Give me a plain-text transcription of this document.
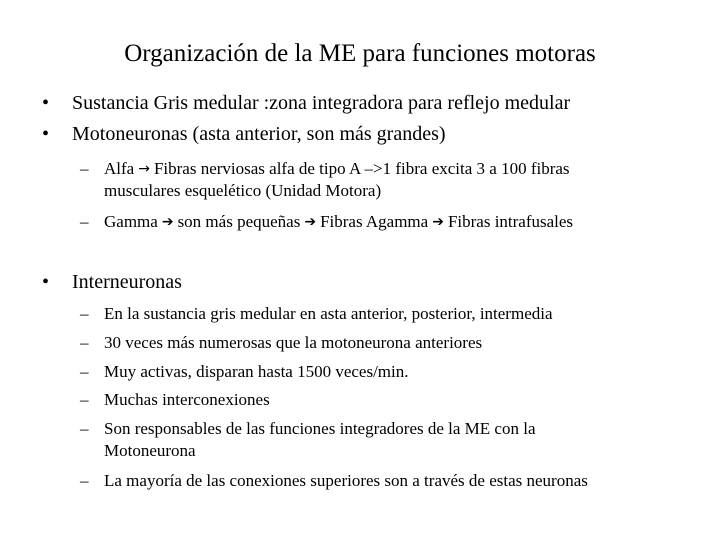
Organización de la ME para funciones motoras
• Sustancia Gris medular :zona integradora para reflejo medular
• Motoneuronas (asta anterior, son más grandes)
– Alfa → Fibras nerviosas alfa de tipo A –>1 fibra excita 3 a 100 fibras
musculares esquelético (Unidad Motora)
– Gamma ➔ son más pequeñas ➔ Fibras Agamma ➔ Fibras intrafusales
• Interneuronas
– En la sustancia gris medular en asta anterior, posterior, intermedia
– 30 veces más numerosas que la motoneurona anteriores
– Muy activas, disparan hasta 1500 veces/min.
– Muchas interconexiones
– Son responsables de las funciones integradores de la ME con la
Motoneurona
– La mayoría de las conexiones superiores son a través de estas neuronas
